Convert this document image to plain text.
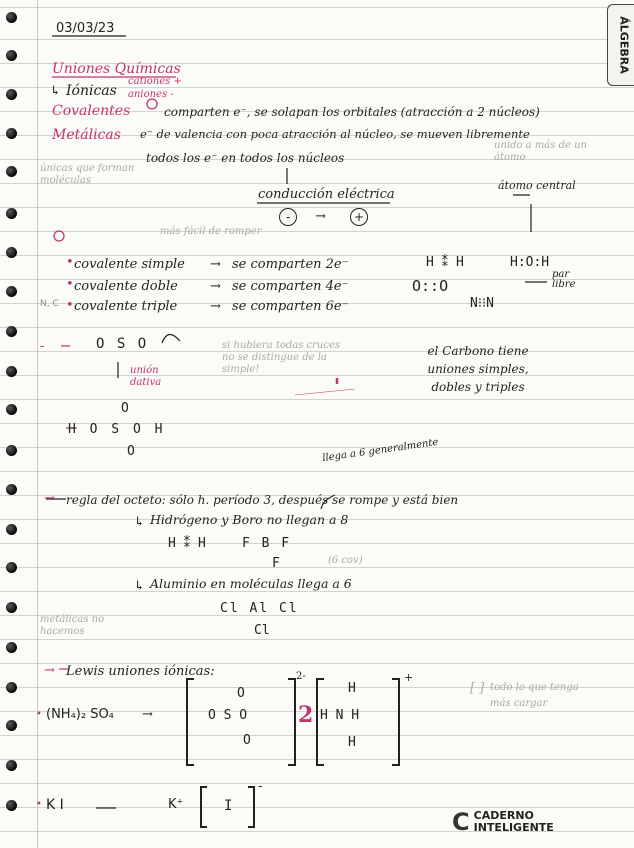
ÁLGEBRA
03/03/23
Uniones Químicas
↳ Iónicas
cationes +
aniones -
Covalentes	comparten e⁻, se solapan los orbitales (atracción a 2 núcleos)
Metálicas e⁻ de valencia con poca atracción al núcleo, se mueven libremente
todos los e⁻ en todos los núcleos
únicas que forman moléculas
unido a más de un átomo
conducción eléctrica
-	→	+
átomo central
más fácil de romper
N, C
• covalente simple → se comparten 2e⁻
• covalente doble → se comparten 4e⁻
• covalente triple	→ se comparten 6e⁻
H ⁑ H	H:O:H
O::O
N⁝⁝N
par libre
-	O S O	si hubiera todas cruces no se distingue de la simple!
unión dativa
el Carbono tiene uniones simples, dobles y triples
O
H O S O H
O	llega a 6 generalmente
→ regla del octeto: sólo h. período 3, después se rompe y está bien
↳ Hidrógeno y Boro no llegan a 8
H ⁑ H	F B F
F	(6 cov)
↳ Aluminio en moléculas llega a 6
Cl Al Cl
Cl
metálicas no hacemos
→ Lewis uniones iónicas:
• (NH₄)₂ SO₄ →
O
O S O
O
2-
2
H
H N H
H
+
[ ] todo lo que tenga más cargar
• K I	K⁺	I
-
C CADERNO
INTELIGENTE
